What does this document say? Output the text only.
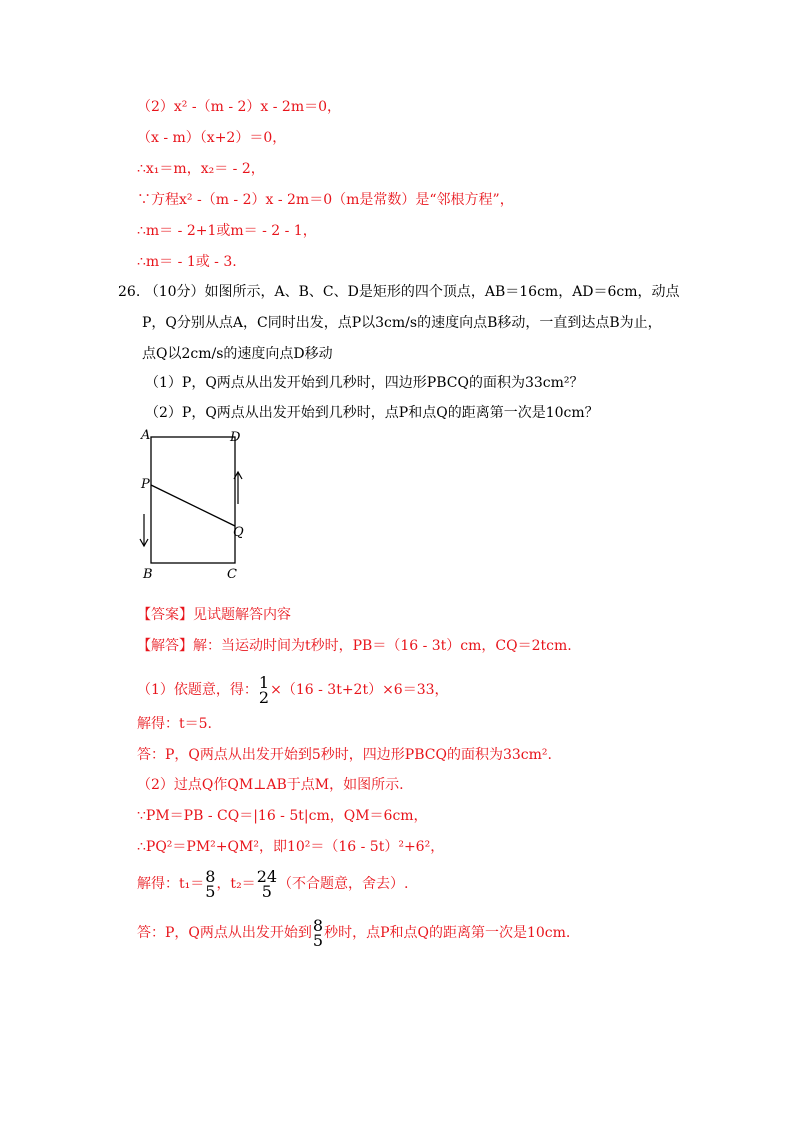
（2）x² -（m - 2）x - 2m＝0，
（x - m）（x+2）＝0，
∴x₁＝m，x₂＝ - 2，
∵方程x² -（m - 2）x - 2m＝0（m是常数）是“邻根方程”，
∴m＝ - 2+1或m＝ - 2 - 1，
∴m＝ - 1或 - 3.
26. （10分）如图所示，A、B、C、D是矩形的四个顶点，AB＝16cm，AD＝6cm，动点
P，Q分别从点A，C同时出发，点P以3cm/s的速度向点B移动，一直到达点B为止，
点Q以2cm/s的速度向点D移动
（1）P，Q两点从出发开始到几秒时，四边形PBCQ的面积为33cm²？
（2）P，Q两点从出发开始到几秒时，点P和点Q的距离第一次是10cm？
A	D
P
Q
B	C
【答案】见试题解答内容
【解答】解：当运动时间为t秒时，PB＝（16 - 3t）cm，CQ＝2tcm.
（1）依题意，得： 1
2 ×（16 - 3t+2t）×6＝33，
解得：t＝5.
答：P，Q两点从出发开始到5秒时，四边形PBCQ的面积为33cm².
（2）过点Q作QM⊥AB于点M，如图所示.
∵PM＝PB - CQ＝|16 - 5t|cm，QM＝6cm，
∴PQ²＝PM²+QM²，即10²＝（16 - 5t）²+6²，
解得：t₁＝ 8
5 ，t₂＝ 24
5 （不合题意，舍去）.
答：P，Q两点从出发开始到 8
5 秒时，点P和点Q的距离第一次是10cm.
